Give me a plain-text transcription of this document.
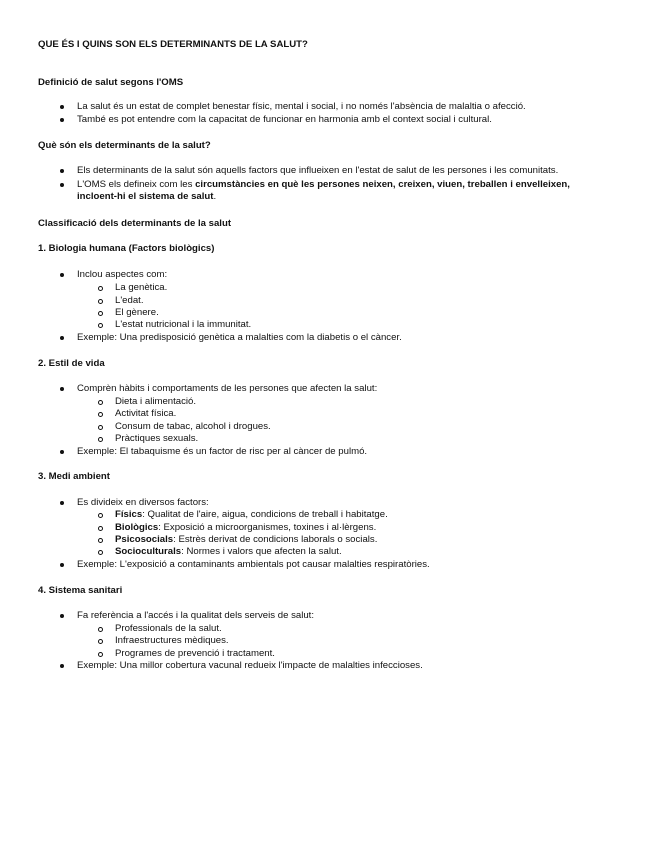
QUE ÉS I QUINS SON ELS DETERMINANTS DE LA SALUT?
Definició de salut segons l'OMS
La salut és un estat de complet benestar físic, mental i social, i no només l'absència de malaltia o afecció.
També es pot entendre com la capacitat de funcionar en harmonia amb el context social i cultural.
Què són els determinants de la salut?
Els determinants de la salut són aquells factors que influeixen en l'estat de salut de les persones i les comunitats.
L'OMS els defineix com les circumstàncies en què les persones neixen, creixen, viuen, treballen i envelleixen,
incloent-hi el sistema de salut.
Classificació dels determinants de la salut
1. Biologia humana (Factors biològics)
Inclou aspectes com:
La genètica.
L'edat.
El gènere.
L'estat nutricional i la immunitat.
Exemple: Una predisposició genètica a malalties com la diabetis o el càncer.
2. Estil de vida
Comprèn hàbits i comportaments de les persones que afecten la salut:
Dieta i alimentació.
Activitat física.
Consum de tabac, alcohol i drogues.
Pràctiques sexuals.
Exemple: El tabaquisme és un factor de risc per al càncer de pulmó.
3. Medi ambient
Es divideix en diversos factors:
Físics: Qualitat de l'aire, aigua, condicions de treball i habitatge.
Biològics: Exposició a microorganismes, toxines i al·lèrgens.
Psicosocials: Estrès derivat de condicions laborals o socials.
Socioculturals: Normes i valors que afecten la salut.
Exemple: L'exposició a contaminants ambientals pot causar malalties respiratòries.
4. Sistema sanitari
Fa referència a l'accés i la qualitat dels serveis de salut:
Professionals de la salut.
Infraestructures mèdiques.
Programes de prevenció i tractament.
Exemple: Una millor cobertura vacunal redueix l'impacte de malalties infeccioses.
